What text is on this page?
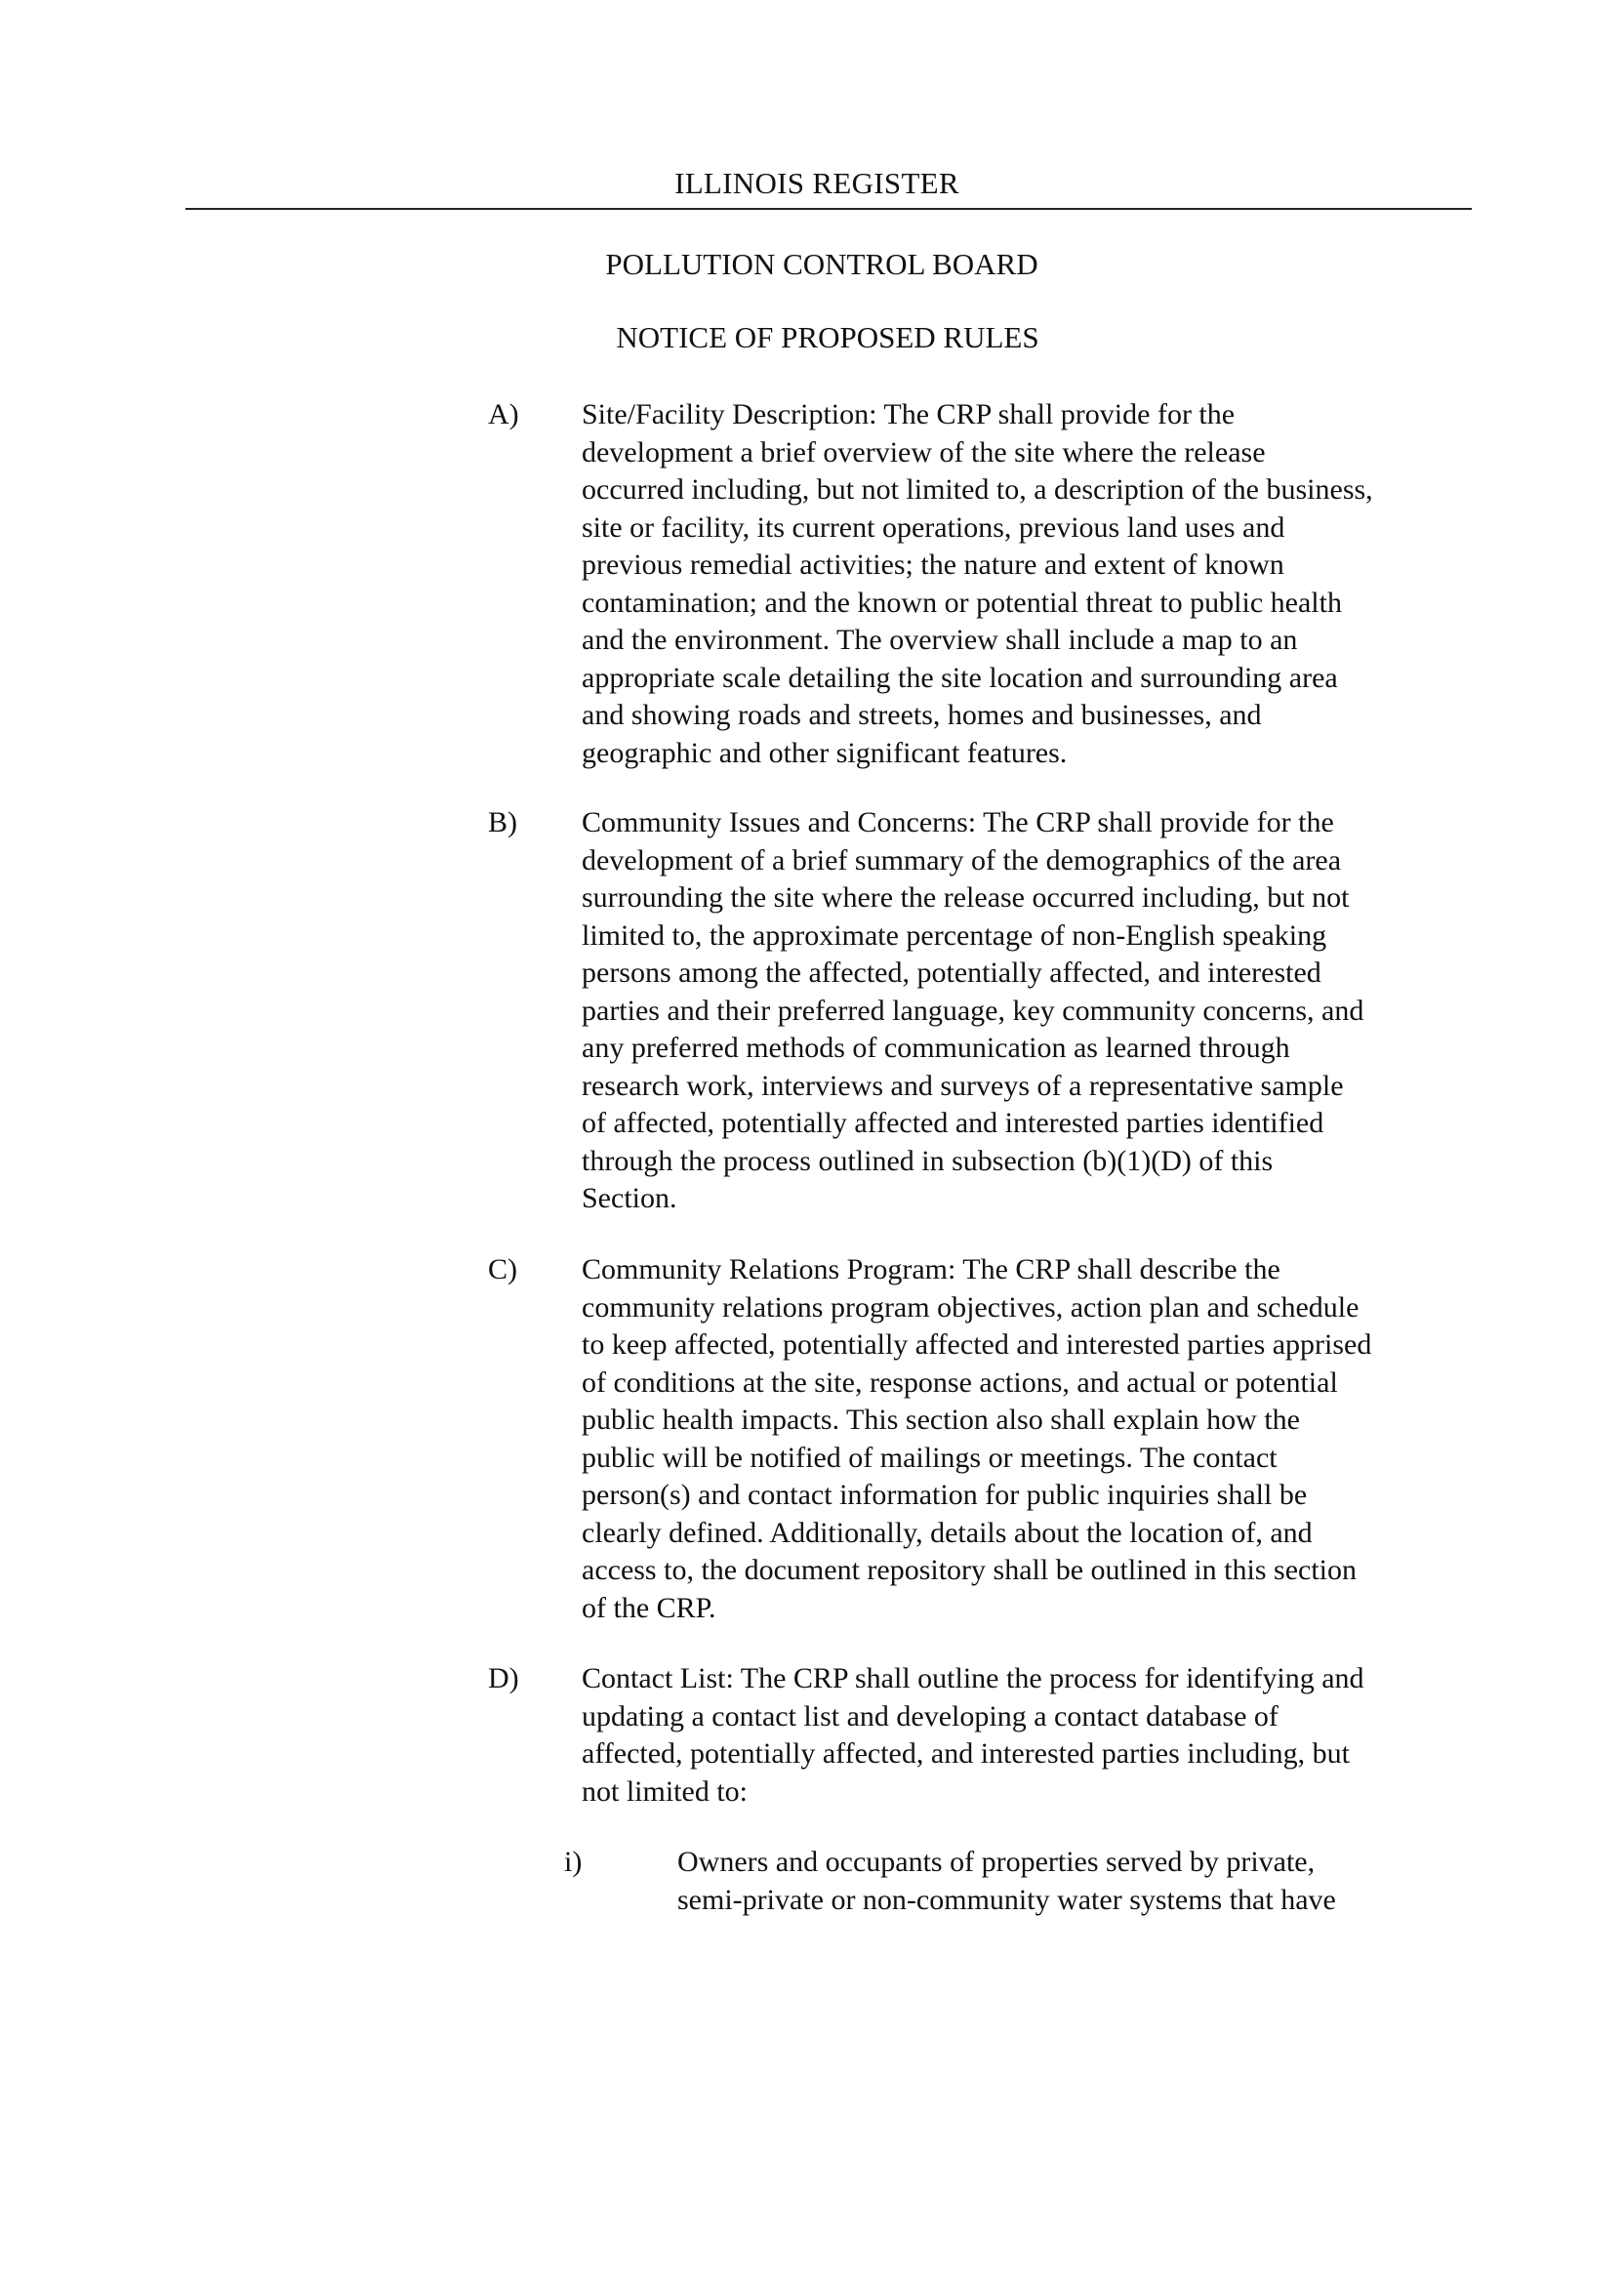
ILLINOIS REGISTER
POLLUTION CONTROL BOARD
NOTICE OF PROPOSED RULES
A) Site/Facility Description: The CRP shall provide for the
development a brief overview of the site where the release
occurred including, but not limited to, a description of the business,
site or facility, its current operations, previous land uses and
previous remedial activities; the nature and extent of known
contamination; and the known or potential threat to public health
and the environment. The overview shall include a map to an
appropriate scale detailing the site location and surrounding area
and showing roads and streets, homes and businesses, and
geographic and other significant features.
B) Community Issues and Concerns: The CRP shall provide for the
development of a brief summary of the demographics of the area
surrounding the site where the release occurred including, but not
limited to, the approximate percentage of non-English speaking
persons among the affected, potentially affected, and interested
parties and their preferred language, key community concerns, and
any preferred methods of communication as learned through
research work, interviews and surveys of a representative sample
of affected, potentially affected and interested parties identified
through the process outlined in subsection (b)(1)(D) of this
Section.
C) Community Relations Program: The CRP shall describe the
community relations program objectives, action plan and schedule
to keep affected, potentially affected and interested parties apprised
of conditions at the site, response actions, and actual or potential
public health impacts. This section also shall explain how the
public will be notified of mailings or meetings. The contact
person(s) and contact information for public inquiries shall be
clearly defined. Additionally, details about the location of, and
access to, the document repository shall be outlined in this section
of the CRP.
D) Contact List: The CRP shall outline the process for identifying and
updating a contact list and developing a contact database of
affected, potentially affected, and interested parties including, but
not limited to:
i)	Owners and occupants of properties served by private,
semi-private or non-community water systems that have
